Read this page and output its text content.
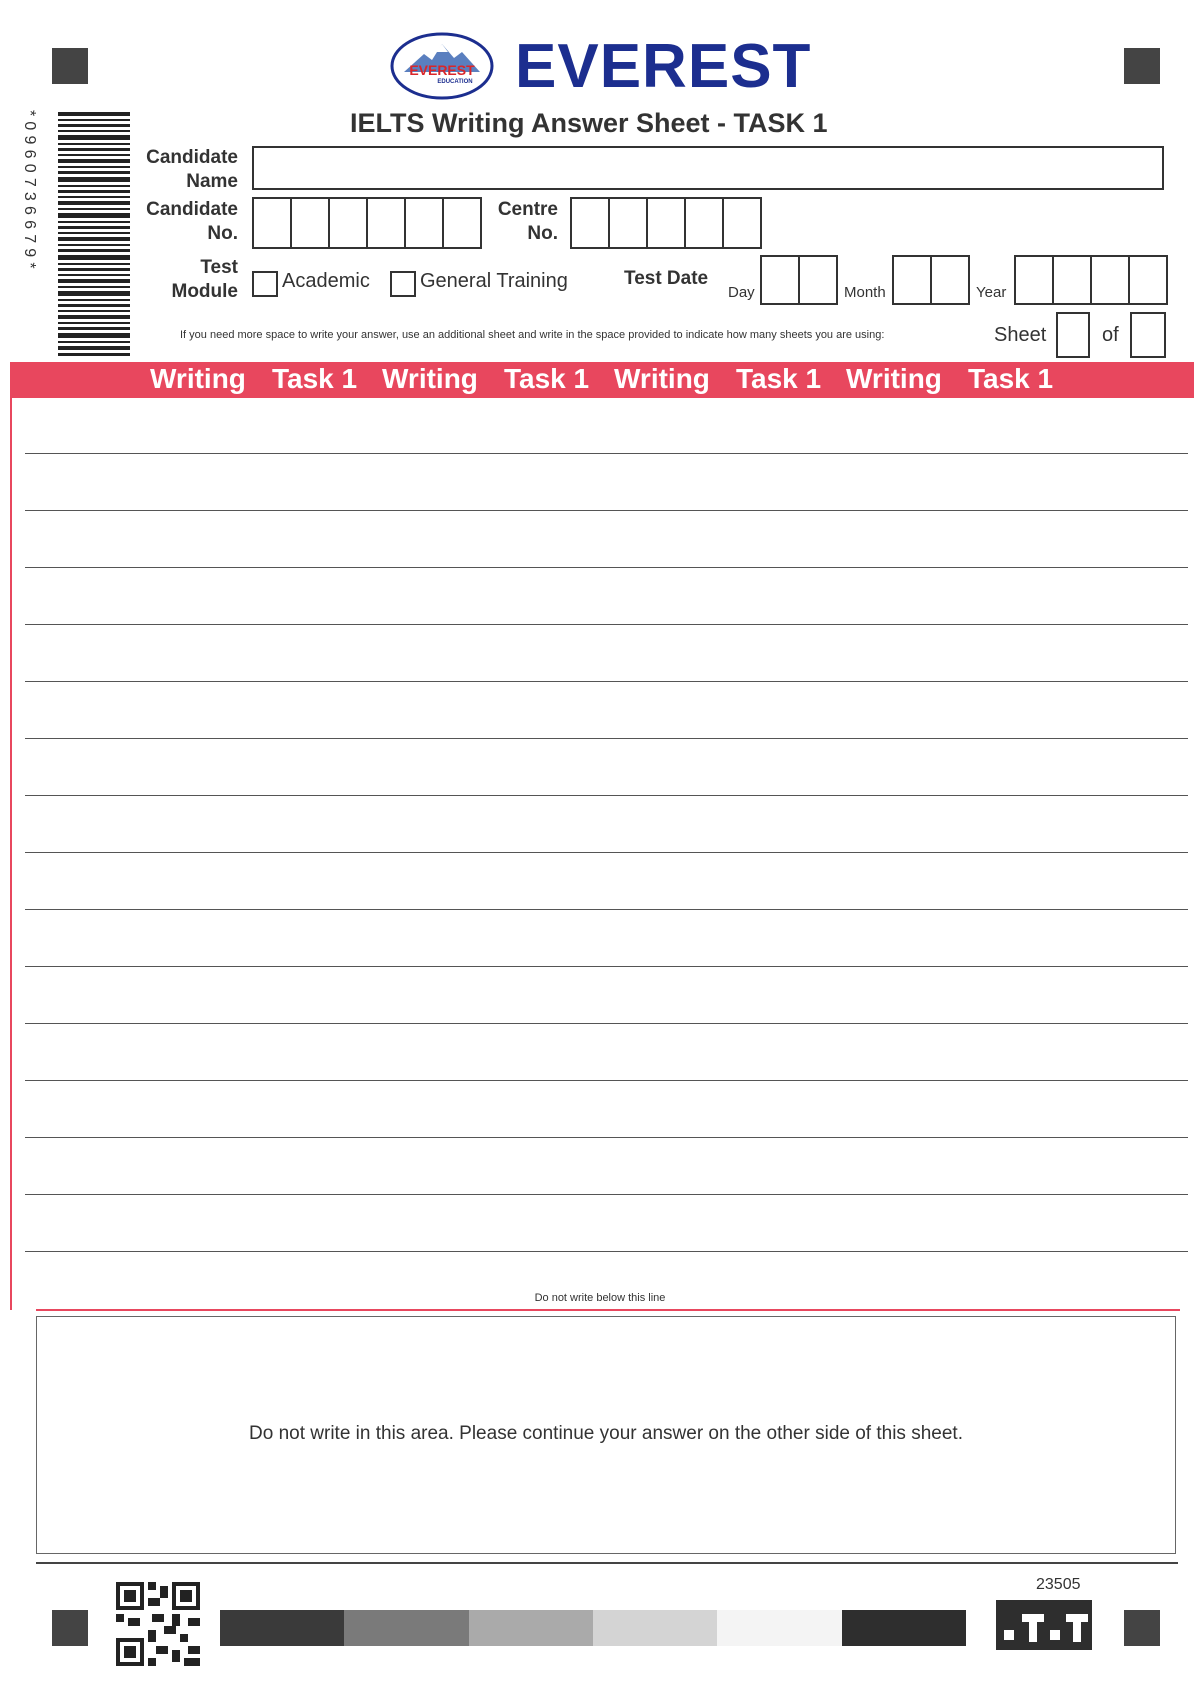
EVEREST
EDUCATION EVEREST
IELTS Writing Answer Sheet - TASK 1
*0960736679*	Candidate
Name
Candidate
No.
Centre
No.
Test
Module Academic	General Training	Test Date
Day	Month	Year
If you need more space to write your answer, use an additional sheet and write in the space provided to indicate how many sheets you are using:	Sheet	of
Writing Task 1 Writing Task 1 Writing Task 1 Writing Task 1
Do not write below this line
Do not write in this area. Please continue your answer on the other side of this sheet.
23505
